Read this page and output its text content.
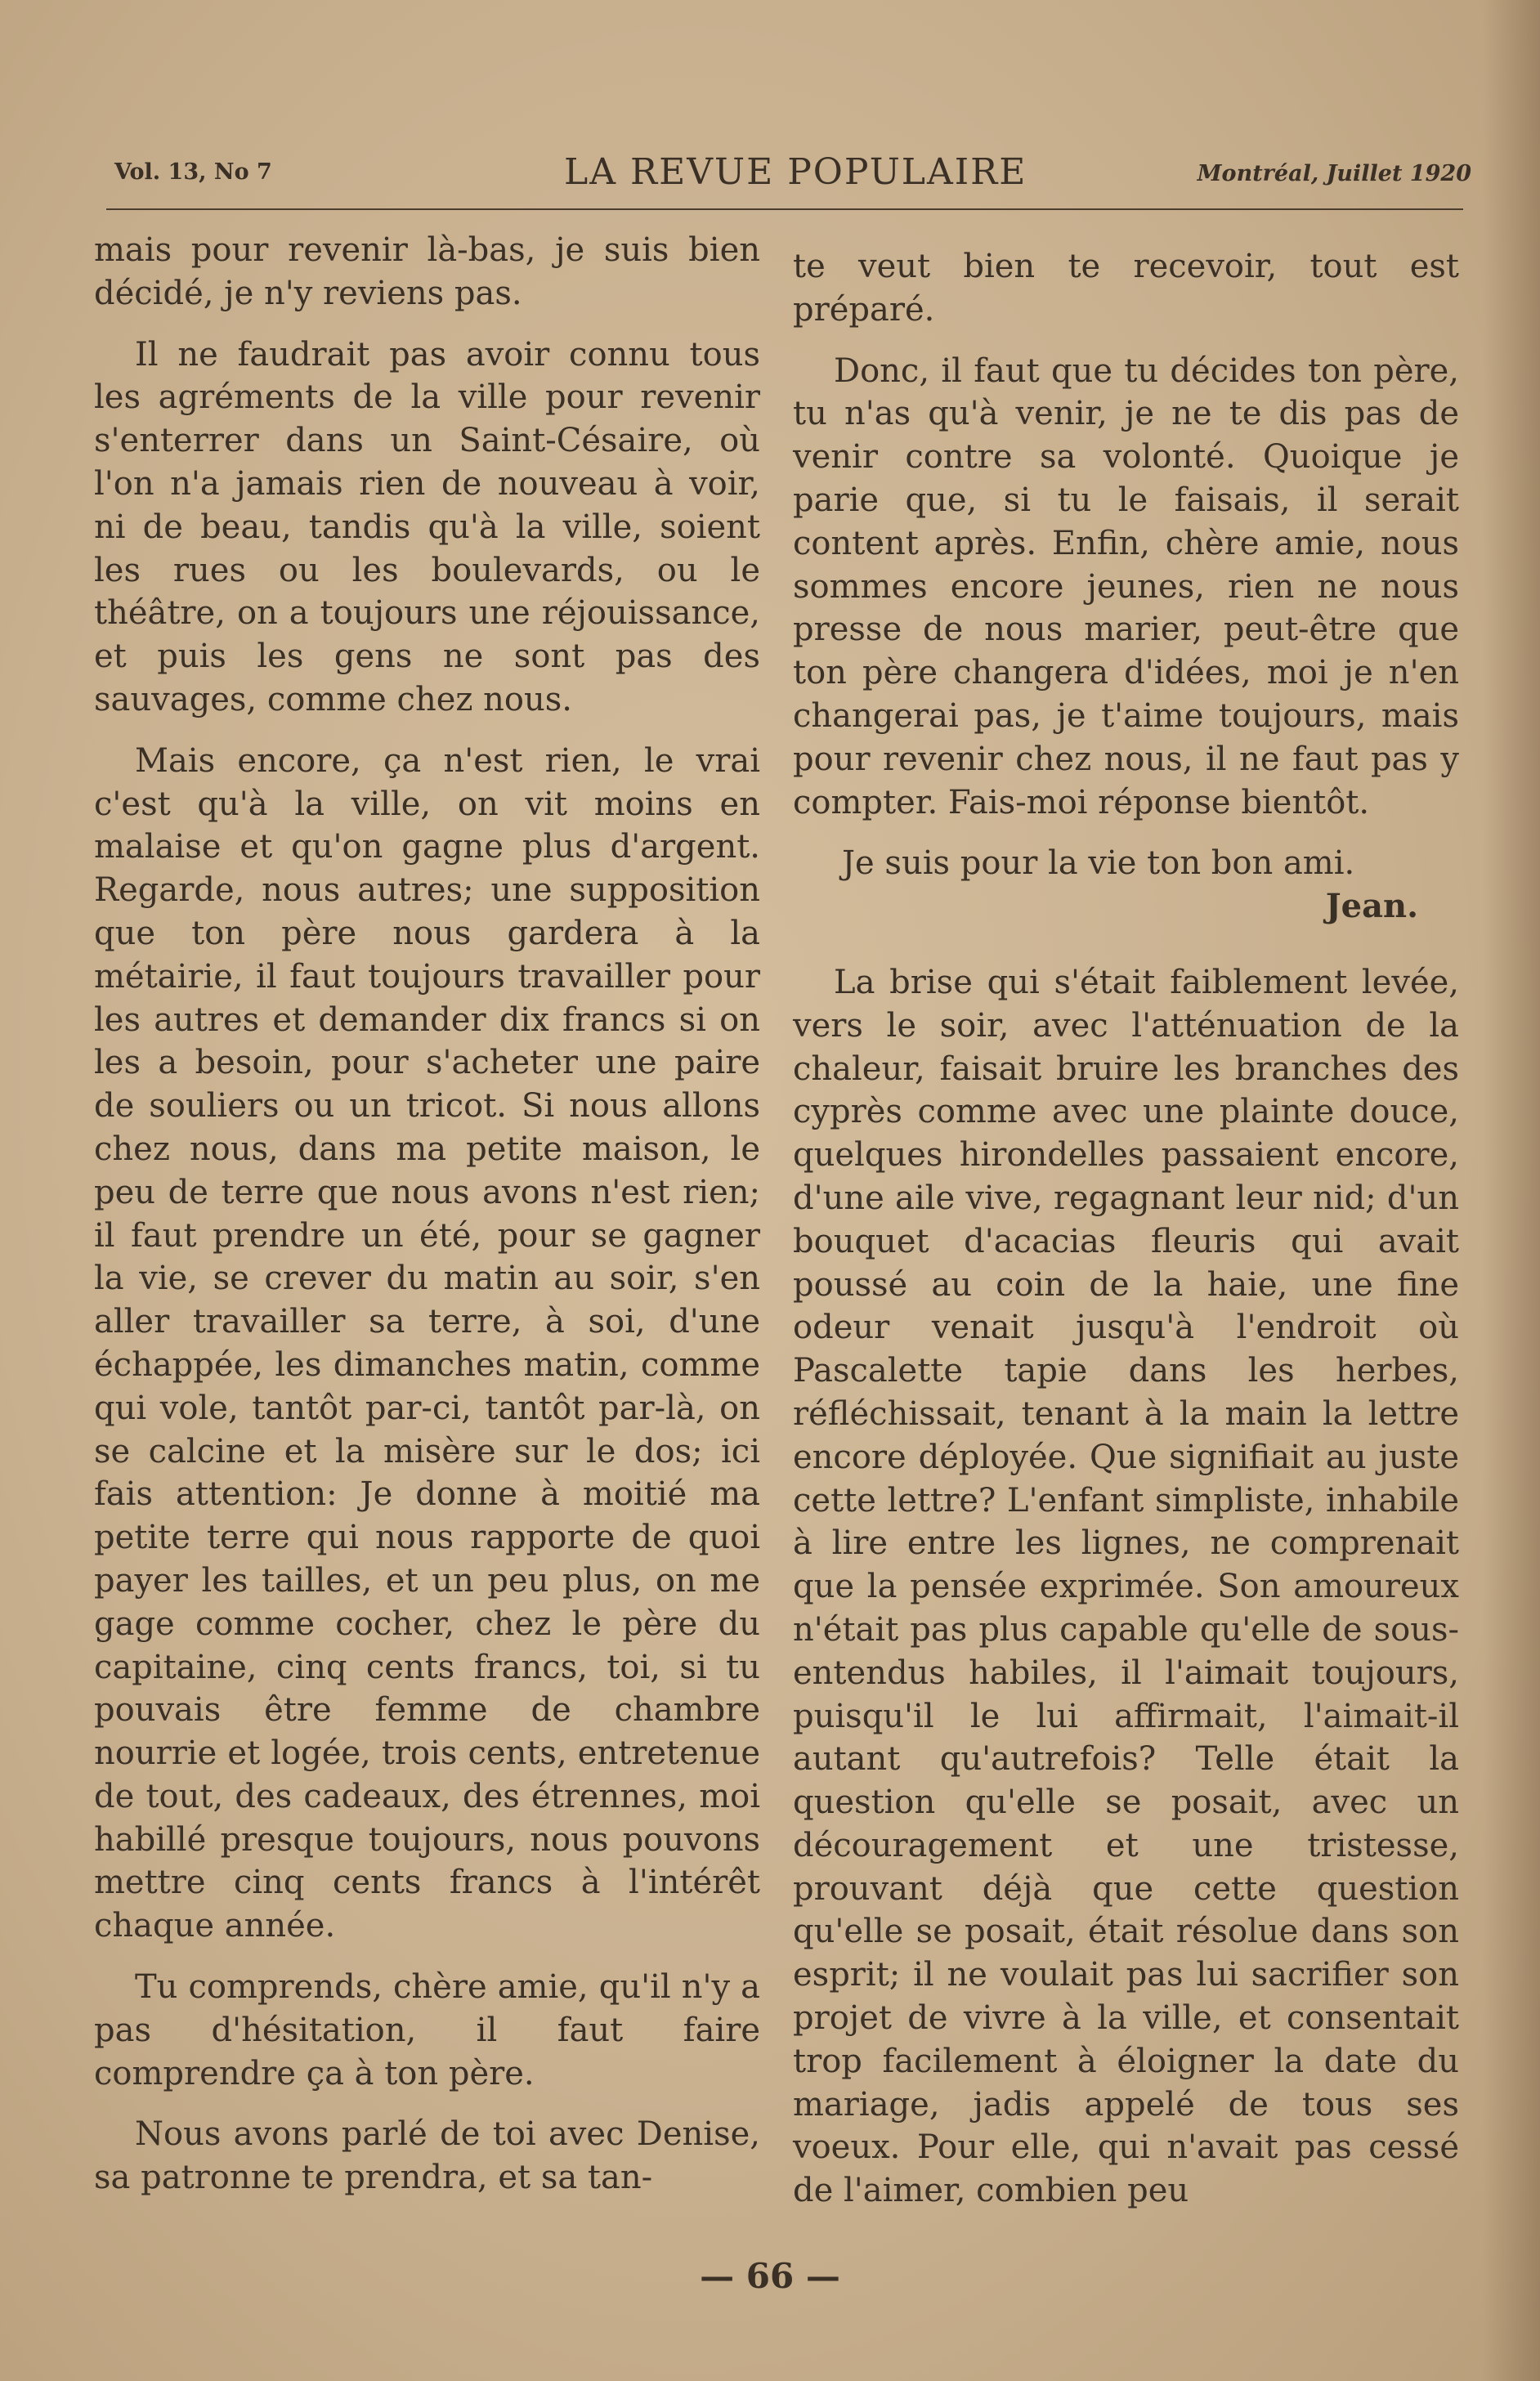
Vol. 13, No 7	LA REVUE POPULAIRE	Montréal, Juillet 1920

mais pour revenir là-bas, je suis bien décidé, je n'y reviens pas.

Il ne faudrait pas avoir connu tous les agréments de la ville pour revenir s'enterrer dans un Saint-Césaire, où l'on n'a jamais rien de nouveau à voir, ni de beau, tandis qu'à la ville, soient les rues ou les boulevards, ou le théâtre, on a toujours une réjouissance, et puis les gens ne sont pas des sauvages, comme chez nous.

Mais encore, ça n'est rien, le vrai c'est qu'à la ville, on vit moins en malaise et qu'on gagne plus d'argent. Regarde, nous autres; une supposition que ton père nous gardera à la métairie, il faut toujours travailler pour les autres et demander dix francs si on les a besoin, pour s'acheter une paire de souliers ou un tricot. Si nous allons chez nous, dans ma petite maison, le peu de terre que nous avons n'est rien; il faut prendre un été, pour se gagner la vie, se crever du matin au soir, s'en aller travailler sa terre, à soi, d'une échappée, les dimanches matin, comme qui vole, tantôt par-ci, tantôt par-là, on se calcine et la misère sur le dos; ici fais attention: Je donne à moitié ma petite terre qui nous rapporte de quoi payer les tailles, et un peu plus, on me gage comme cocher, chez le père du capitaine, cinq cents francs, toi, si tu pouvais être femme de chambre nourrie et logée, trois cents, entretenue de tout, des cadeaux, des étrennes, moi habillé presque toujours, nous pouvons mettre cinq cents francs à l'intérêt chaque année.

Tu comprends, chère amie, qu'il n'y a pas d'hésitation, il faut faire comprendre ça à ton père.

Nous avons parlé de toi avec Denise, sa patronne te prendra, et sa tan-

te veut bien te recevoir, tout est préparé.

Donc, il faut que tu décides ton père, tu n'as qu'à venir, je ne te dis pas de venir contre sa volonté. Quoique je parie que, si tu le faisais, il serait content après. Enfin, chère amie, nous sommes encore jeunes, rien ne nous presse de nous marier, peut-être que ton père changera d'idées, moi je n'en changerai pas, je t'aime toujours, mais pour revenir chez nous, il ne faut pas y compter. Fais-moi réponse bientôt.

Je suis pour la vie ton bon ami.

Jean.

La brise qui s'était faiblement levée, vers le soir, avec l'atténuation de la chaleur, faisait bruire les branches des cyprès comme avec une plainte douce, quelques hirondelles passaient encore, d'une aile vive, regagnant leur nid; d'un bouquet d'acacias fleuris qui avait poussé au coin de la haie, une fine odeur venait jusqu'à l'endroit où Pascalette tapie dans les herbes, réfléchissait, tenant à la main la lettre encore déployée. Que signifiait au juste cette lettre? L'enfant simpliste, inhabile à lire entre les lignes, ne comprenait que la pensée exprimée. Son amoureux n'était pas plus capable qu'elle de sous-entendus habiles, il l'aimait toujours, puisqu'il le lui affirmait, l'aimait-il autant qu'autrefois? Telle était la question qu'elle se posait, avec un découragement et une tristesse, prouvant déjà que cette question qu'elle se posait, était résolue dans son esprit; il ne voulait pas lui sacrifier son projet de vivre à la ville, et consentait trop facilement à éloigner la date du mariage, jadis appelé de tous ses voeux. Pour elle, qui n'avait pas cessé de l'aimer, combien peu

— 66 —
